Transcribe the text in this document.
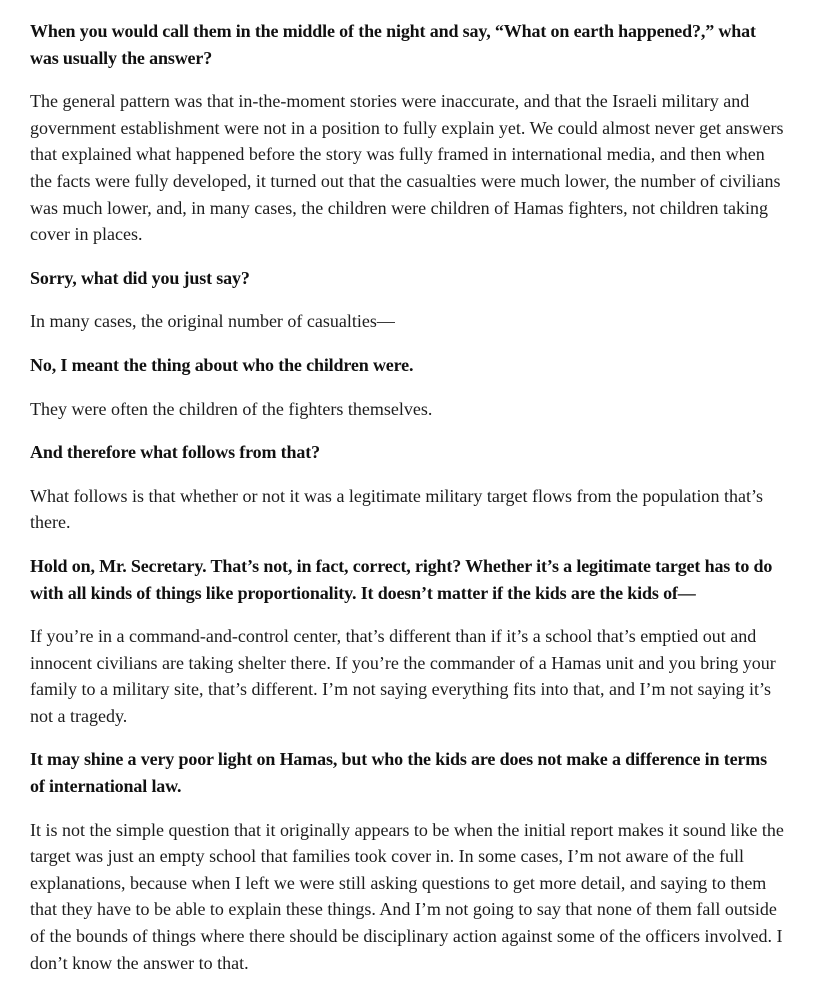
When you would call them in the middle of the night and say, “What on earth happened?,” what was usually the answer?

The general pattern was that in-the-moment stories were inaccurate, and that the Israeli military and government establishment were not in a position to fully explain yet. We could almost never get answers that explained what happened before the story was fully framed in international media, and then when the facts were fully developed, it turned out that the casualties were much lower, the number of civilians was much lower, and, in many cases, the children were children of Hamas fighters, not children taking cover in places.

Sorry, what did you just say?

In many cases, the original number of casualties—

No, I meant the thing about who the children were.

They were often the children of the fighters themselves.

And therefore what follows from that?

What follows is that whether or not it was a legitimate military target flows from the population that’s there.

Hold on, Mr. Secretary. That’s not, in fact, correct, right? Whether it’s a legitimate target has to do with all kinds of things like proportionality. It doesn’t matter if the kids are the kids of—

If you’re in a command-and-control center, that’s different than if it’s a school that’s emptied out and innocent civilians are taking shelter there. If you’re the commander of a Hamas unit and you bring your family to a military site, that’s different. I’m not saying everything fits into that, and I’m not saying it’s not a tragedy.

It may shine a very poor light on Hamas, but who the kids are does not make a difference in terms of international law.

It is not the simple question that it originally appears to be when the initial report makes it sound like the target was just an empty school that families took cover in. In some cases, I’m not aware of the full explanations, because when I left we were still asking questions to get more detail, and saying to them that they have to be able to explain these things. And I’m not going to say that none of them fall outside of the bounds of things where there should be disciplinary action against some of the officers involved. I don’t know the answer to that.
